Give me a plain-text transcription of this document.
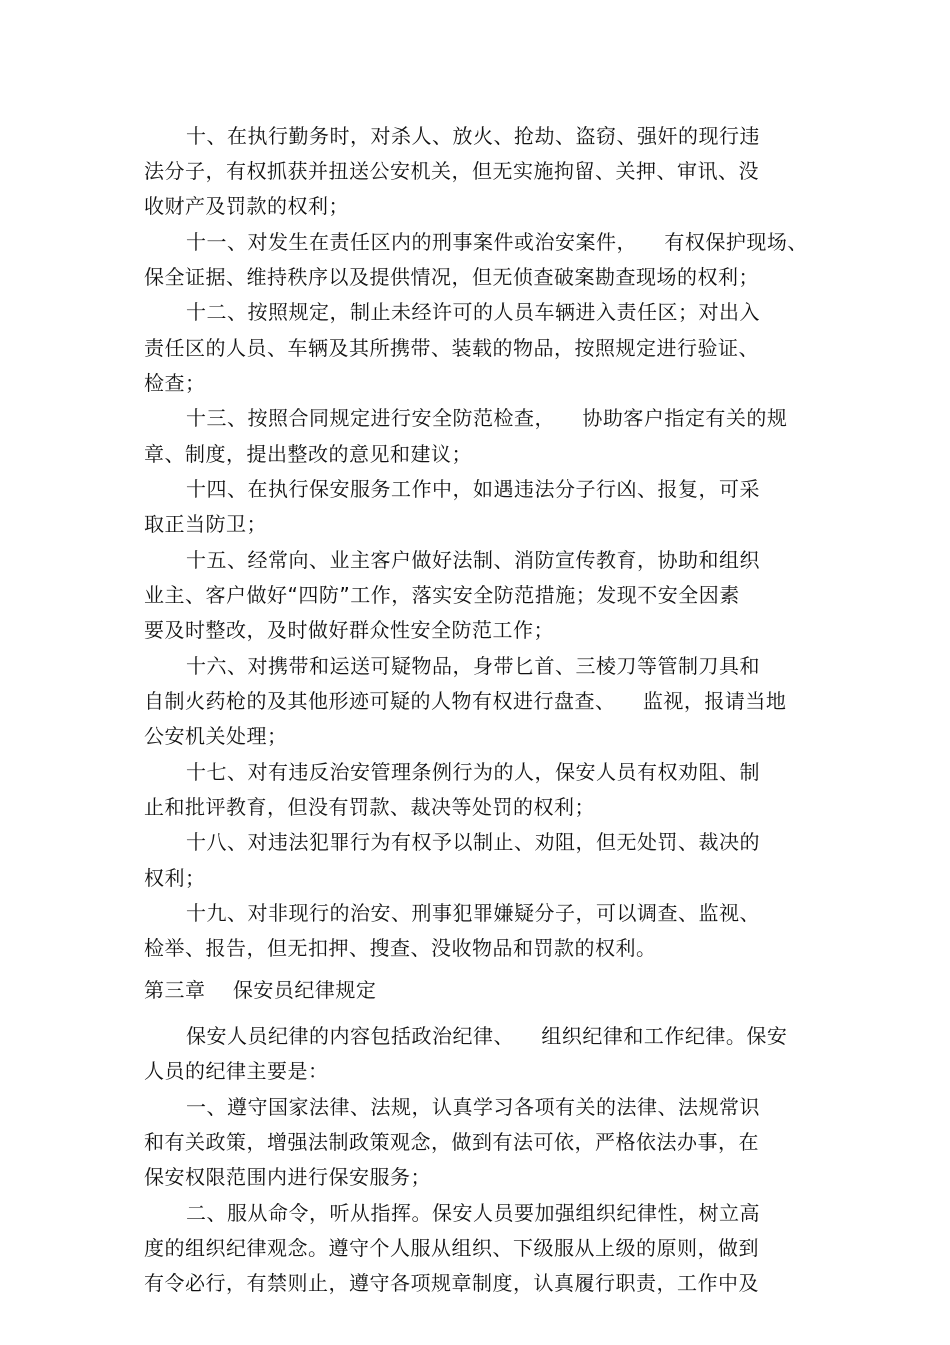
十、在执行勤务时，对杀人、放火、抢劫、盗窃、强奸的现行违
法分子，有权抓获并扭送公安机关，但无实施拘留、关押、审讯、没
收财产及罚款的权利；
十一、对发生在责任区内的刑事案件或治安案件，    有权保护现场、
保全证据、维持秩序以及提供情况，但无侦查破案勘查现场的权利；
十二、按照规定，制止未经许可的人员车辆进入责任区；对出入
责任区的人员、车辆及其所携带、装载的物品，按照规定进行验证、
检查；
十三、按照合同规定进行安全防范检查，    协助客户指定有关的规
章、制度，提出整改的意见和建议；
十四、在执行保安服务工作中，如遇违法分子行凶、报复，可采
取正当防卫；
十五、经常向、业主客户做好法制、消防宣传教育，协助和组织
业主、客户做好“四防”工作，落实安全防范措施；发现不安全因素
要及时整改，及时做好群众性安全防范工作；
十六、对携带和运送可疑物品，身带匕首、三棱刀等管制刀具和
自制火药枪的及其他形迹可疑的人物有权进行盘查、    监视，报请当地
公安机关处理；
十七、对有违反治安管理条例行为的人，保安人员有权劝阻、制
止和批评教育，但没有罚款、裁决等处罚的权利；
十八、对违法犯罪行为有权予以制止、劝阻，但无处罚、裁决的
权利；
十九、对非现行的治安、刑事犯罪嫌疑分子，可以调查、监视、
检举、报告，但无扣押、搜查、没收物品和罚款的权利。
第三章    保安员纪律规定
保安人员纪律的内容包括政治纪律、    组织纪律和工作纪律。保安
人员的纪律主要是：
一、遵守国家法律、法规，认真学习各项有关的法律、法规常识
和有关政策，增强法制政策观念，做到有法可依，严格依法办事，在
保安权限范围内进行保安服务；
二、服从命令，听从指挥。保安人员要加强组织纪律性，树立高
度的组织纪律观念。遵守个人服从组织、下级服从上级的原则，做到
有令必行，有禁则止，遵守各项规章制度，认真履行职责，工作中及
